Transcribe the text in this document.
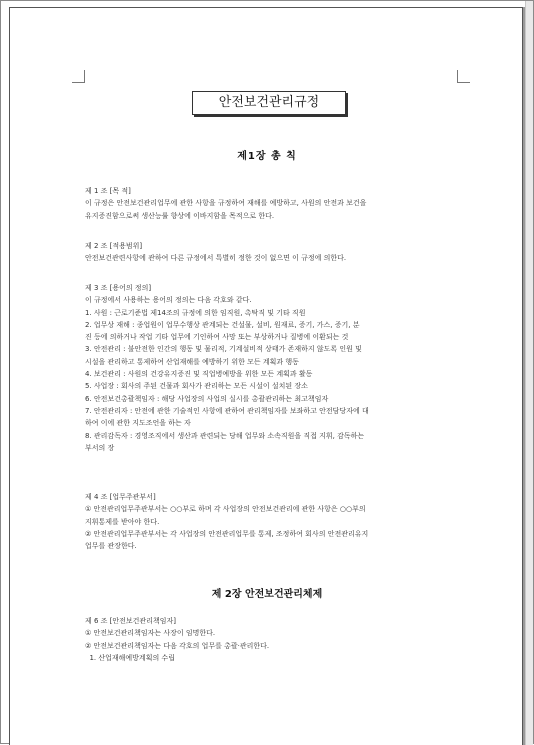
안전보건관리규정
제1장 총 칙

제 1 조 [목 적]

이 규정은 안전보건관리업무에 관한 사항을 규정하여 재해를 예방하고, 사원의 안전과 보건을

유지증진함으로써 생산능률 향상에 이바지함을 목적으로 한다.

제 2 조 [적용범위]

안전보건관련사항에 관하여 다른 규정에서 특별히 정한 것이 없으면 이 규정에 의한다.

제 3 조 [용어의 정의]

이 규정에서 사용하는 용어의 정의는 다음 각호와 같다.

1. 사원 : 근로기준법 제14조의 규정에 의한 임직원, 촉탁직 및 기타 직원

2. 업무상 재해 : 종업원이 업무수행상 관계되는 건설물, 설비, 원재료, 증기, 가스, 증기, 분

진 등에 의하거나 작업 기타 업무에 기인하여 사망 또는 부상하거나 질병에 이환되는 것

3. 안전관리 : 불안전한 인간의 행동 및 물리적, 기계설비적 상태가 존재하지 않도록 인원 및

시설을 관리하고 통제하여 산업재해를 예방하기 위한 모든 계획과 행동

4. 보건관리 : 사원의 건강유지증진 및 직업병예방을 위한 모든 계획과 활동

5. 사업장 : 회사의 주된 건물과 회사가 관리하는 모든 시설이 설치된 장소

6. 안전보건총괄책임자 : 해당 사업장의 사업의 실시를 총괄관리하는 최고책임자

7. 안전관리자 : 안전에 관한 기술적인 사항에 관하여 관리책임자를 보좌하고 안전담당자에 대

하여 이에 관한 지도조언을 하는 자

8. 관리감독자 : 경영조직에서 생산과 관련되는 당해 업무와 소속직원을 직접 지휘, 감독하는

부서의 장

제 4 조 [업무주관부서]

① 안전관리업무주관부서는 ○○부로 하며 각 사업장의 안전보건관리에 관한 사항은 ○○부의

지휘통제를 받아야 한다.

② 안전관리업무주관부서는 각 사업장의 안전관리업무를 통제, 조정하여 회사의 안전관리유지

업무를 관장한다.

제 2장 안전보건관리체제

제 6 조 [안전보건관리책임자]

① 안전보건관리책임자는 사장이 임명한다.

② 안전보건관리책임자는 다음 각호의 업무를 총괄·관리한다.

1. 산업재해예방계획의 수립
